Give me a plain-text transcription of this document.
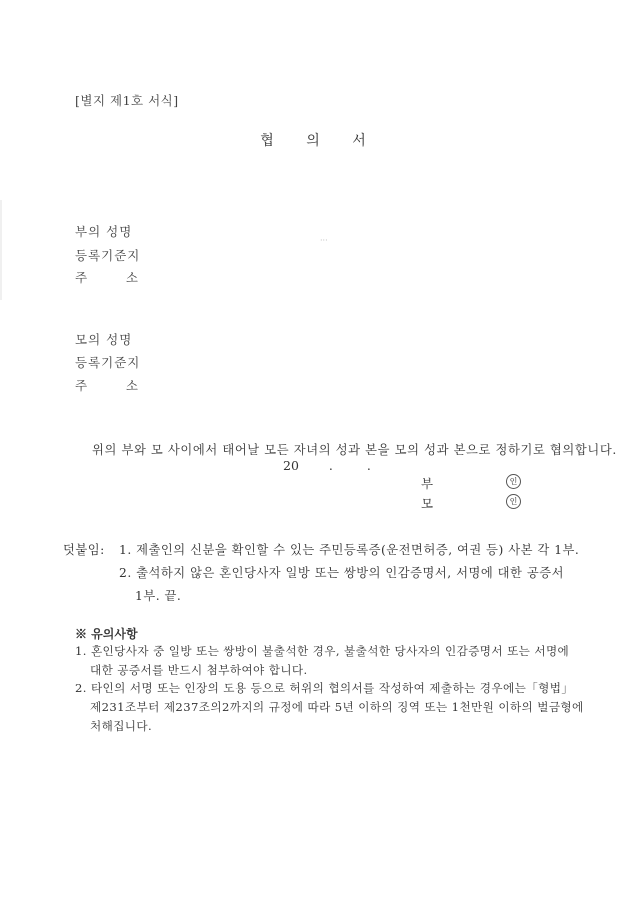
[별지 제1호 서식]
협 의 서
부의 성명
등록기준지
주	소
···
모의 성명
등록기준지
주	소
위의 부와 모 사이에서 태어날 모든 자녀의 성과 본을 모의 성과 본으로 정하기로 협의합니다.
20 .	.
부	인
모	인
덧붙임: 1. 제출인의 신분을 확인할 수 있는 주민등록증(운전면허증, 여권 등) 사본 각 1부.
2. 출석하지 않은 혼인당사자 일방 또는 쌍방의 인감증명서, 서명에 대한 공증서
1부. 끝.
※ 유의사항
1. 혼인당사자 중 일방 또는 쌍방이 불출석한 경우, 불출석한 당사자의 인감증명서 또는 서명에
대한 공증서를 반드시 첨부하여야 합니다.
2. 타인의 서명 또는 인장의 도용 등으로 허위의 협의서를 작성하여 제출하는 경우에는「형법」
제231조부터 제237조의2까지의 규정에 따라 5년 이하의 징역 또는 1천만원 이하의 벌금형에
처해집니다.
